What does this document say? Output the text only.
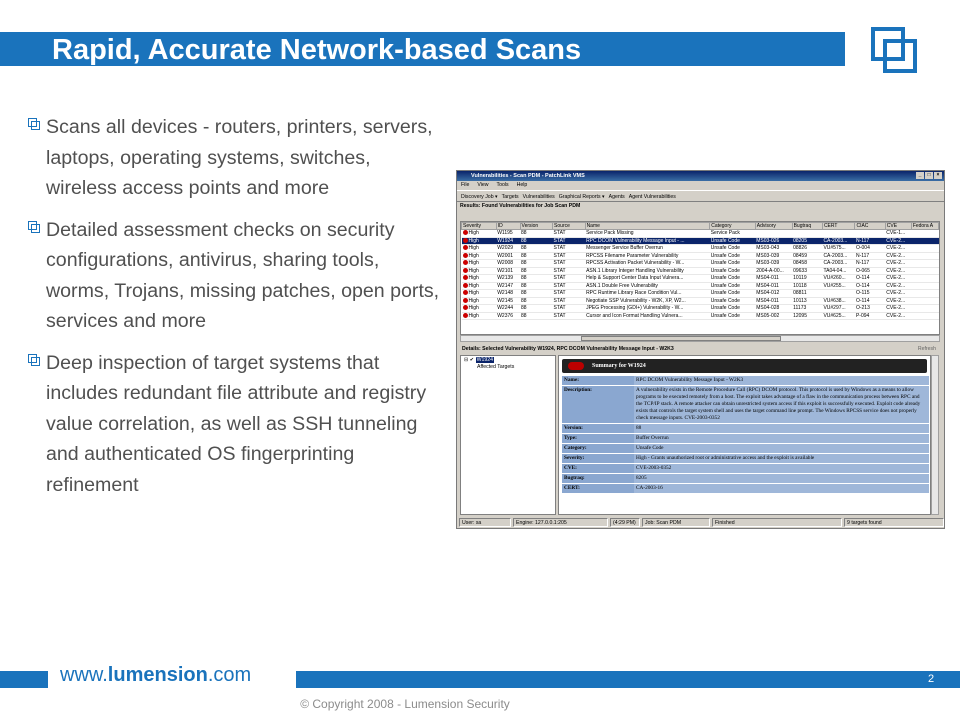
Rapid, Accurate Network-based Scans
Scans all devices - routers, printers, servers, laptops, operating systems, switches, wireless access points and more
Detailed assessment checks on security configurations, antivirus, sharing tools, worms, Trojans, missing patches, open ports, services and more
Deep inspection of target systems that includes redundant file attribute and registry value correlation, as well as SSH tunneling and authenticated OS fingerprinting refinement
Vulnerabilities - Scan PDM - PatchLink VMS	_	□	×
File View Tools Help
Discovery Job ▾ Targets Vulnerabilities Graphical Reports ▾ Agents Agent Vulnerabilities
Results: Found Vulnerabilities for Job Scan PDM
Severity	ID	Version	Source	Name	Category	Advisory	Bugtraq	CERT	CIAC	CVE	Fedora A
High	W1195	88	STAT	Service Pack Missing	Service Pack					CVE-1...	
High	W1924	88	STAT	RPC DCOM Vulnerability Message Input - ...	Unsafe Code	MS03-026	08205	CA-2003...	N-117	CVE-2...	
High	W2029	88	STAT	Messenger Service Buffer Overrun	Unsafe Code	MS03-043	08826	VU#575...	O-004	CVE-2...	
High	W2001	88	STAT	RPCSS Filename Parameter Vulnerability	Unsafe Code	MS03-039	08459	CA-2003...	N-117	CVE-2...	
High	W2008	88	STAT	RPCSS Activation Packet Vulnerability - W...	Unsafe Code	MS03-039	08458	CA-2003...	N-117	CVE-2...	
High	W2101	88	STAT	ASN.1 Library Integer Handling Vulnerability	Unsafe Code	2004-A-00...	09633	TA04-04...	O-065	CVE-2...	
High	W2139	88	STAT	Help & Support Center Data Input Vulnera...	Unsafe Code	MS04-011	10119	VU#260...	O-114	CVE-2...	
High	W2147	88	STAT	ASN.1 Double Free Vulnerability	Unsafe Code	MS04-011	10118	VU#255...	O-114	CVE-2...	
High	W2148	88	STAT	RPC Runtime Library Race Condition Vul...	Unsafe Code	MS04-012	08811		O-115	CVE-2...	
High	W2145	88	STAT	Negotiate SSP Vulnerability - W2K, XP, W2...	Unsafe Code	MS04-011	10113	VU#638...	O-114	CVE-2...	
High	W2244	88	STAT	JPEG Processing (GDI+) Vulnerability - W...	Unsafe Code	MS04-028	11173	VU#297...	O-213	CVE-2...	
High	W2376	88	STAT	Cursor and Icon Format Handling Vulnera...	Unsafe Code	MS05-002	12095	VU#625...	P-094	CVE-2...	
Details: Selected Vulnerability W1924, RPC DCOM Vulnerability Message Input - W2K3	Refresh
⊟ ✔ W1924
Affected Targets	Summary for W1924
Name:	RPC DCOM Vulnerability Message Input - W2K3
Description:	A vulnerability exists in the Remote Procedure Call (RPC) DCOM protocol. This protocol is used by Windows as a means to allow programs to be executed remotely from a host. The exploit takes advantage of a flaw in the communication process between RPC and the TCP/IP stack. A remote attacker can obtain unrestricted system access if this exploit is successfully executed. Exploit code already exists that controls the target system shell and uses the target command line prompt. The Windows RPCSS service does not properly check message inputs. CVE-2003-0352
Version:	88
Type:	Buffer Overrun
Category:	Unsafe Code
Severity:	High - Grants unauthorized root or administrative access and the exploit is available
CVE:	CVE-2003-0352
Bugtraq:	8205
CERT:	CA-2003-16
User: sa	Engine: 127.0.0.1:205	(4:29 PM)	Job: Scan PDM	Finished	9 targets found
www.lumension.com	2
© Copyright 2008 - Lumension Security
